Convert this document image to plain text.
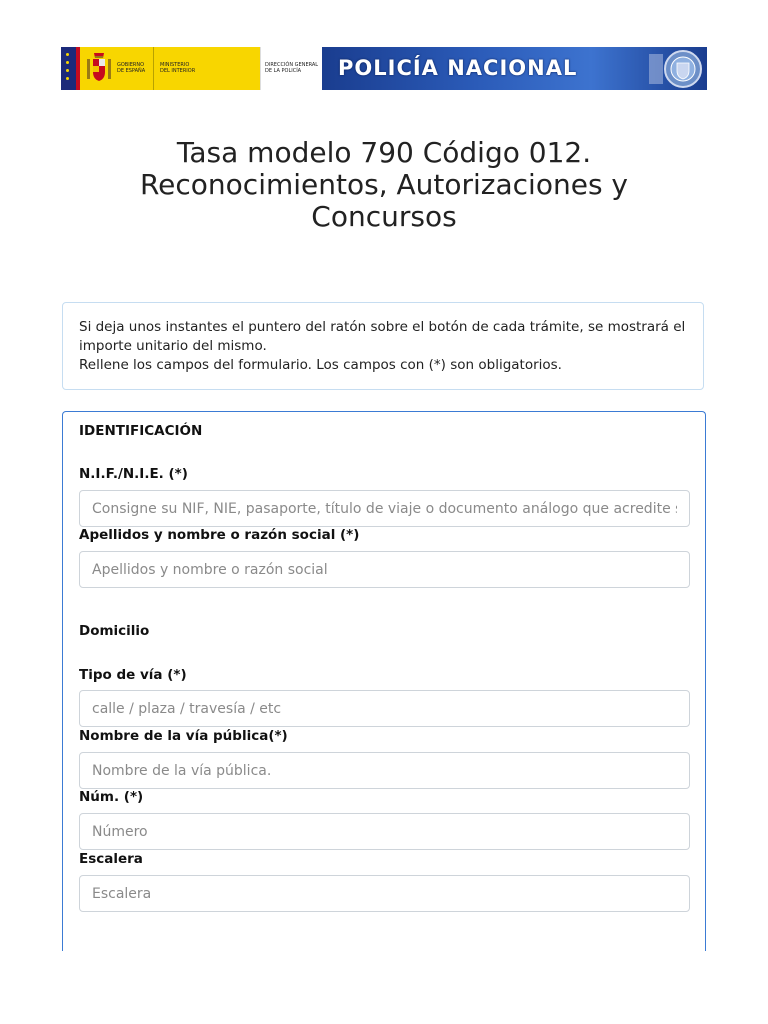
GOBIERNO
DE ESPAÑA
MINISTERIO
DEL INTERIOR
DIRECCIÓN GENERAL
DE LA POLICÍA	POLICÍA NACIONAL
Tasa modelo 790 Código 012. Reconocimientos, Autorizaciones y Concursos

Si deja unos instantes el puntero del ratón sobre el botón de cada trámite, se mostrará el importe unitario del mismo.

Rellene los campos del formulario. Los campos con (*) son obligatorios.

IDENTIFICACIÓN
N.I.F./N.I.E. (*)
Consigne su NIF, NIE, pasaporte, título de viaje o documento análogo que acredite su...
Apellidos y nombre o razón social (*)
Apellidos y nombre o razón social
Domicilio
Tipo de vía (*)
calle / plaza / travesía / etc
Nombre de la vía pública(*)
Nombre de la vía pública.
Núm. (*)
Número
Escalera
Escalera
